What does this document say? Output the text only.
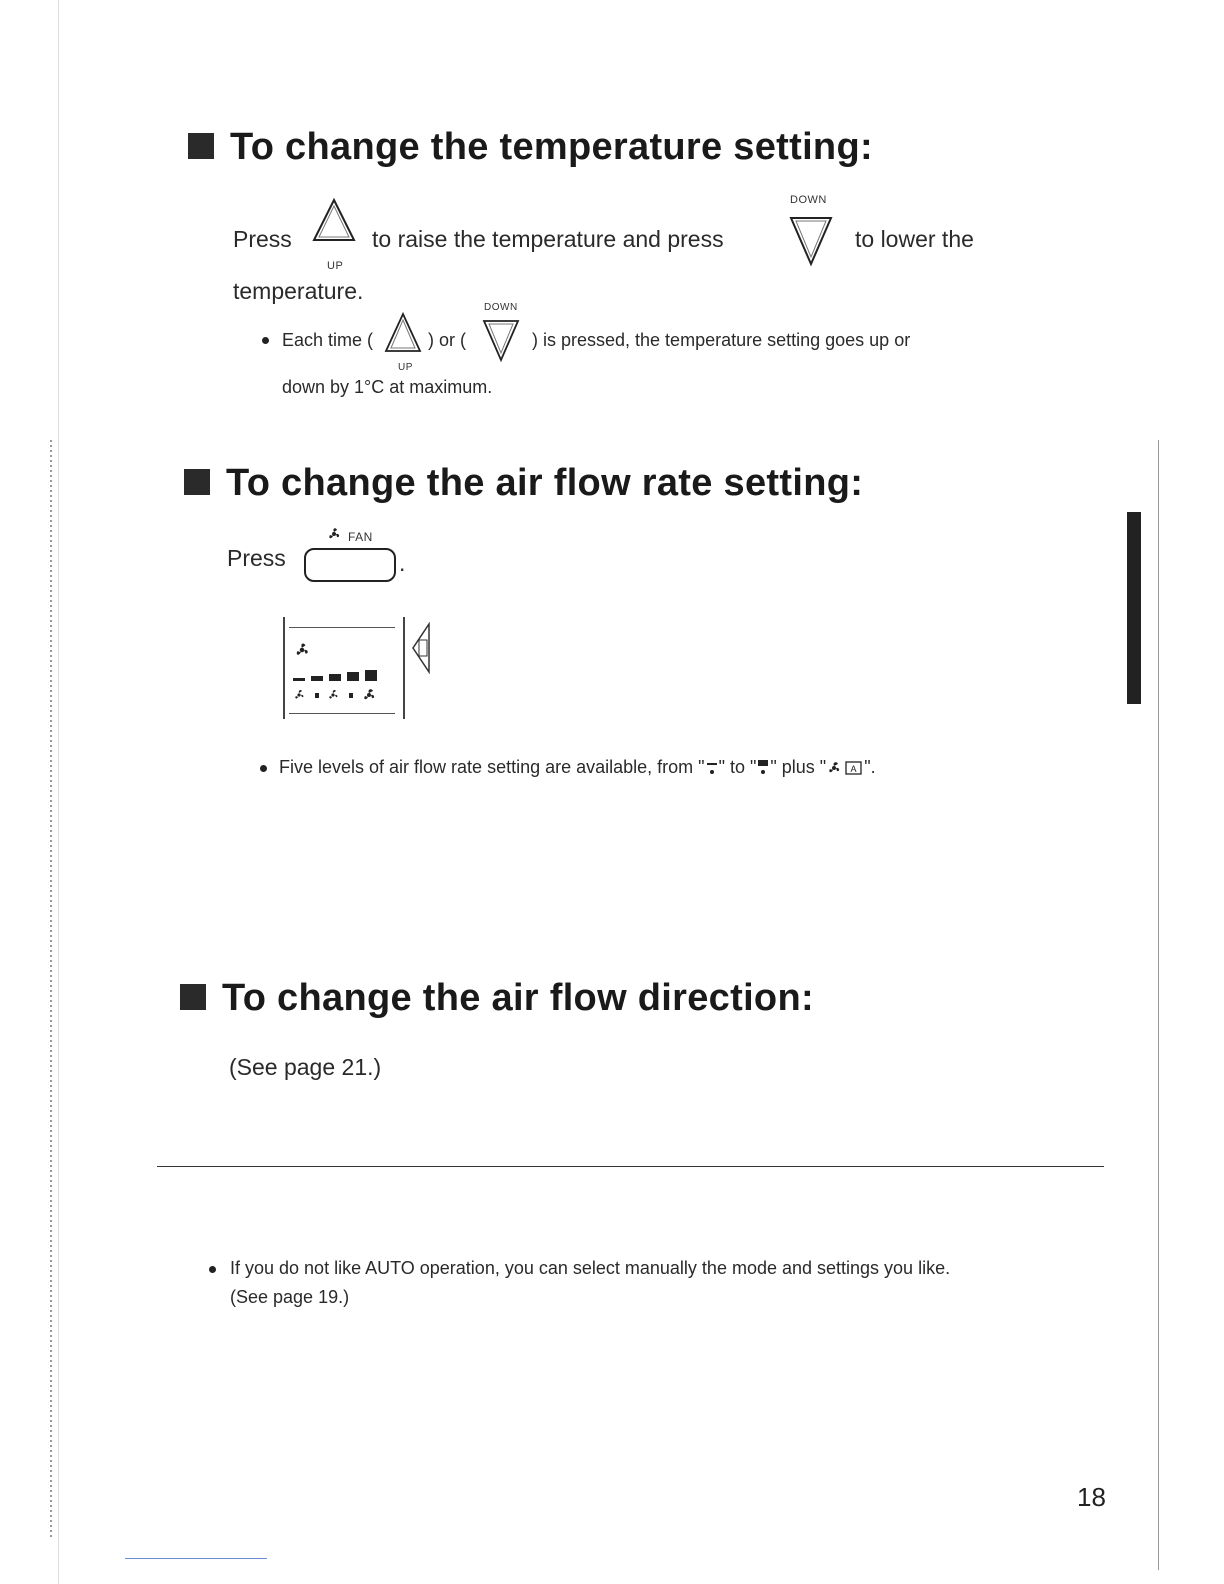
To change the temperature setting:
Press
UP
to raise the temperature and press
DOWN
to lower the
temperature.
Each time (
UP
) or (
DOWN
) is pressed, the temperature setting goes up or
down by 1°C at maximum.
To change the air flow rate setting:
Press
FAN
.
Five levels of air flow rate setting are available, from " " to " " plus "	A ".
To change the air flow direction:
(See page 21.)
If you do not like AUTO operation, you can select manually the mode and settings you like.
(See page 19.)
18
